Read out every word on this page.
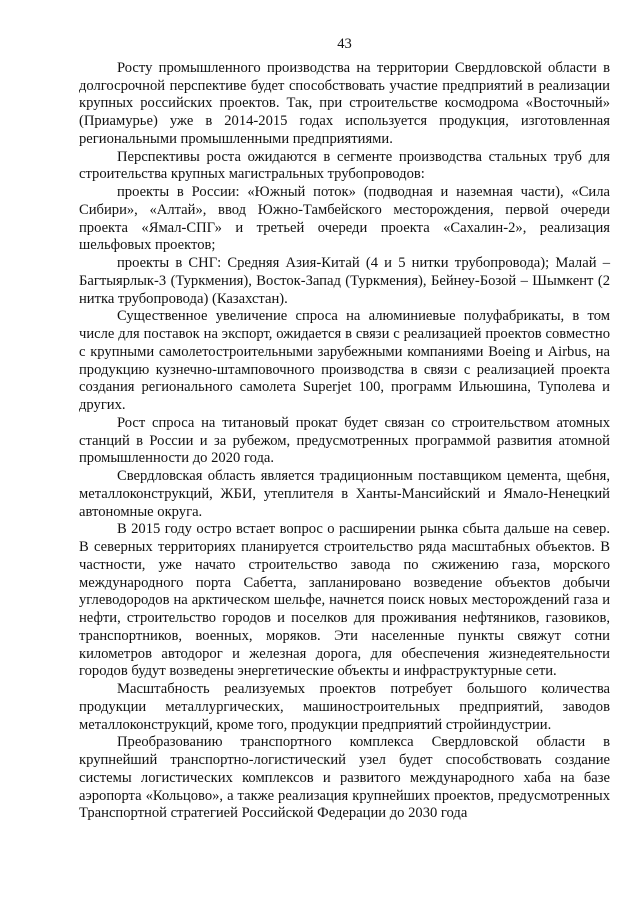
43

Росту промышленного производства на территории Свердловской области в долгосрочной перспективе будет способствовать участие предприятий в реализации крупных российских проектов. Так, при строительстве космодрома «Восточный» (Приамурье) уже в 2014-2015 годах используется продукция, изготовленная региональными промышленными предприятиями.

Перспективы роста ожидаются в сегменте производства стальных труб для строительства крупных магистральных трубопроводов:

проекты в России: «Южный поток» (подводная и наземная части), «Сила Сибири», «Алтай», ввод Южно-Тамбейского месторождения, первой очереди проекта «Ямал-СПГ» и третьей очереди проекта «Сахалин-2», реализация шельфовых проектов;

проекты в СНГ: Средняя Азия-Китай (4 и 5 нитки трубопровода); Малай – Багтыярлык-3 (Туркмения), Восток-Запад (Туркмения), Бейнеу-Бозой – Шымкент (2 нитка трубопровода) (Казахстан).

Существенное увеличение спроса на алюминиевые полуфабрикаты, в том числе для поставок на экспорт, ожидается в связи с реализацией проектов совместно с крупными самолетостроительными зарубежными компаниями Boeing и Airbus, на продукцию кузнечно-штамповочного производства в связи с реализацией проекта создания регионального самолета Superjet 100, программ Ильюшина, Туполева и других.

Рост спроса на титановый прокат будет связан со строительством атомных станций в России и за рубежом, предусмотренных программой развития атомной промышленности до 2020 года.

Свердловская область является традиционным поставщиком цемента, щебня, металлоконструкций, ЖБИ, утеплителя в Ханты-Мансийский и Ямало-Ненецкий автономные округа.

В 2015 году остро встает вопрос о расширении рынка сбыта дальше на север. В северных территориях планируется строительство ряда масштабных объектов. В частности, уже начато строительство завода по сжижению газа, морского международного порта Сабетта, запланировано возведение объектов добычи углеводородов на арктическом шельфе, начнется поиск новых месторождений газа и нефти, строительство городов и поселков для проживания нефтяников, газовиков, транспортников, военных, моряков. Эти населенные пункты свяжут сотни километров автодорог и железная дорога, для обеспечения жизнедеятельности городов будут возведены энергетические объекты и инфраструктурные сети.

Масштабность реализуемых проектов потребует большого количества продукции металлургических, машиностроительных предприятий, заводов металлоконструкций, кроме того, продукции предприятий стройиндустрии.

Преобразованию транспортного комплекса Свердловской области в крупнейший транспортно-логистический узел будет способствовать создание системы логистических комплексов и развитого международного хаба на базе аэропорта «Кольцово», а также реализация крупнейших проектов, предусмотренных Транспортной стратегией Российской Федерации до 2030 года
